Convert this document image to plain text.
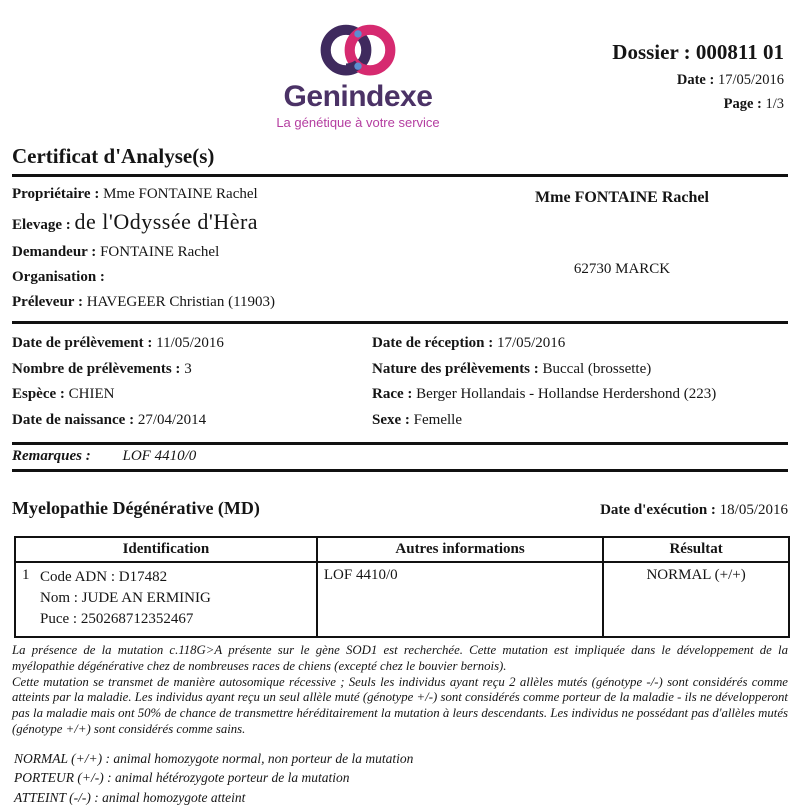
Genindexe
La génétique à votre service
Dossier : 000811 01
Date : 17/05/2016
Page : 1/3
Certificat d'Analyse(s)
Propriétaire : Mme FONTAINE Rachel
Elevage : de l'Odyssée d'Hèra
Demandeur : FONTAINE Rachel
Organisation :
Préleveur : HAVEGEER Christian (11903)
Mme FONTAINE Rachel
62730 MARCK
Date de prélèvement : 11/05/2016
Nombre de prélèvements : 3
Espèce : CHIEN
Date de naissance : 27/04/2014
Date de réception : 17/05/2016
Nature des prélèvements : Buccal (brossette)
Race : Berger Hollandais - Hollandse Herdershond (223)
Sexe : Femelle
Remarques : LOF 4410/0
Myelopathie Dégénérative (MD)	Date d'exécution : 18/05/2016
Identification	Autres informations	Résultat

1 Code ADN : D17482
Nom : JUDE AN ERMINIG
Puce : 250268712352467	LOF 4410/0	NORMAL (+/+)

La présence de la mutation c.118G>A présente sur le gène SOD1 est recherchée. Cette mutation est impliquée dans le développement de la myélopathie dégénérative chez de nombreuses races de chiens (excepté chez le bouvier bernois).

Cette mutation se transmet de manière autosomique récessive ; Seuls les individus ayant reçu 2 allèles mutés (génotype -/-) sont considérés comme atteints par la maladie. Les individus ayant reçu un seul allèle muté (génotype +/-) sont considérés comme porteur de la maladie - ils ne développeront pas la maladie mais ont 50% de chance de transmettre héréditairement la mutation à leurs descendants. Les individus ne possédant pas d'allèles mutés (génotype +/+) sont considérés comme sains.

NORMAL (+/+) : animal homozygote normal, non porteur de la mutation
PORTEUR (+/-) : animal hétérozygote porteur de la mutation
ATTEINT (-/-) : animal homozygote atteint
